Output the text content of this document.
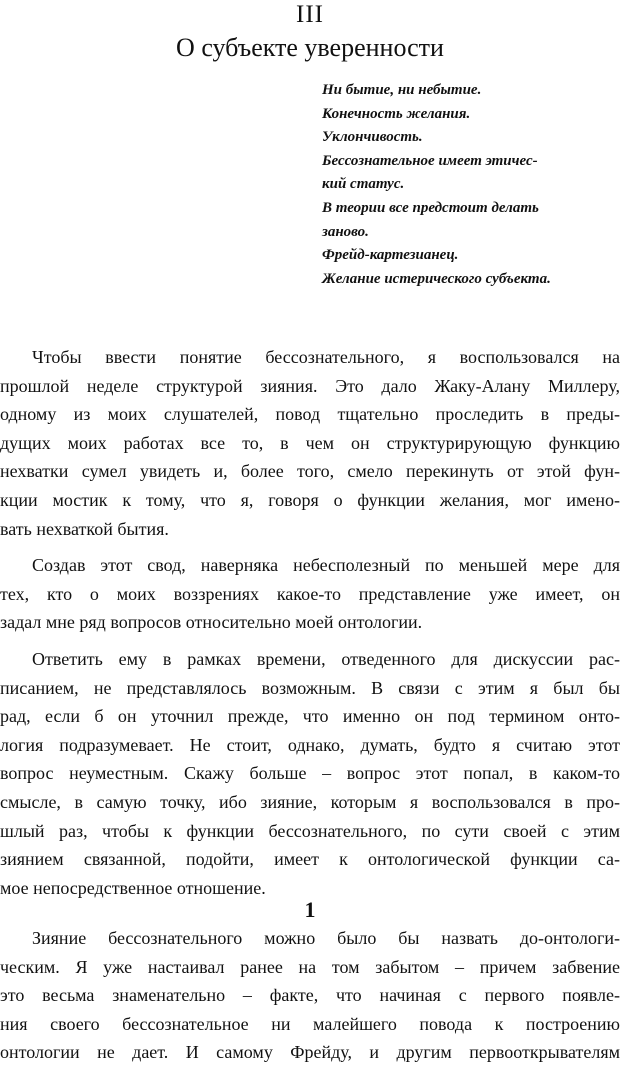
III
О субъекте уверенности
Ни бытие, ни небытие.
Конечность желания.
Уклончивость.
Бессознательное имеет этичес-
кий статус.
В теории все предстоит делать
заново.
Фрейд-картезианец.
Желание истерического субъекта.
Чтобы ввести понятие бессознательного, я воспользовался на
прошлой неделе структурой зияния. Это дало Жаку-Алану Миллеру,
одному из моих слушателей, повод тщательно проследить в преды-
дущих моих работах все то, в чем он структурирующую функцию
нехватки сумел увидеть и, более того, смело перекинуть от этой фун-
кции мостик к тому, что я, говоря о функции желания, мог имено-
вать нехваткой бытия.
Создав этот свод, наверняка небесполезный по меньшей мере для
тех, кто о моих воззрениях какое-то представление уже имеет, он
задал мне ряд вопросов относительно моей онтологии.
Ответить ему в рамках времени, отведенного для дискуссии рас-
писанием, не представлялось возможным. В связи с этим я был бы
рад, если б он уточнил прежде, что именно он под термином онто-
логия подразумевает. Не стоит, однако, думать, будто я считаю этот
вопрос неуместным. Скажу больше – вопрос этот попал, в каком-то
смысле, в самую точку, ибо зияние, которым я воспользовался в про-
шлый раз, чтобы к функции бессознательного, по сути своей с этим
зиянием связанной, подойти, имеет к онтологической функции са-
мое непосредственное отношение.
1
Зияние бессознательного можно было бы назвать до-онтологи-
ческим. Я уже настаивал ранее на том забытом – причем забвение
это весьма знаменательно – факте, что начиная с первого появле-
ния своего бессознательное ни малейшего повода к построению
онтологии не дает. И самому Фрейду, и другим первооткрывателям
